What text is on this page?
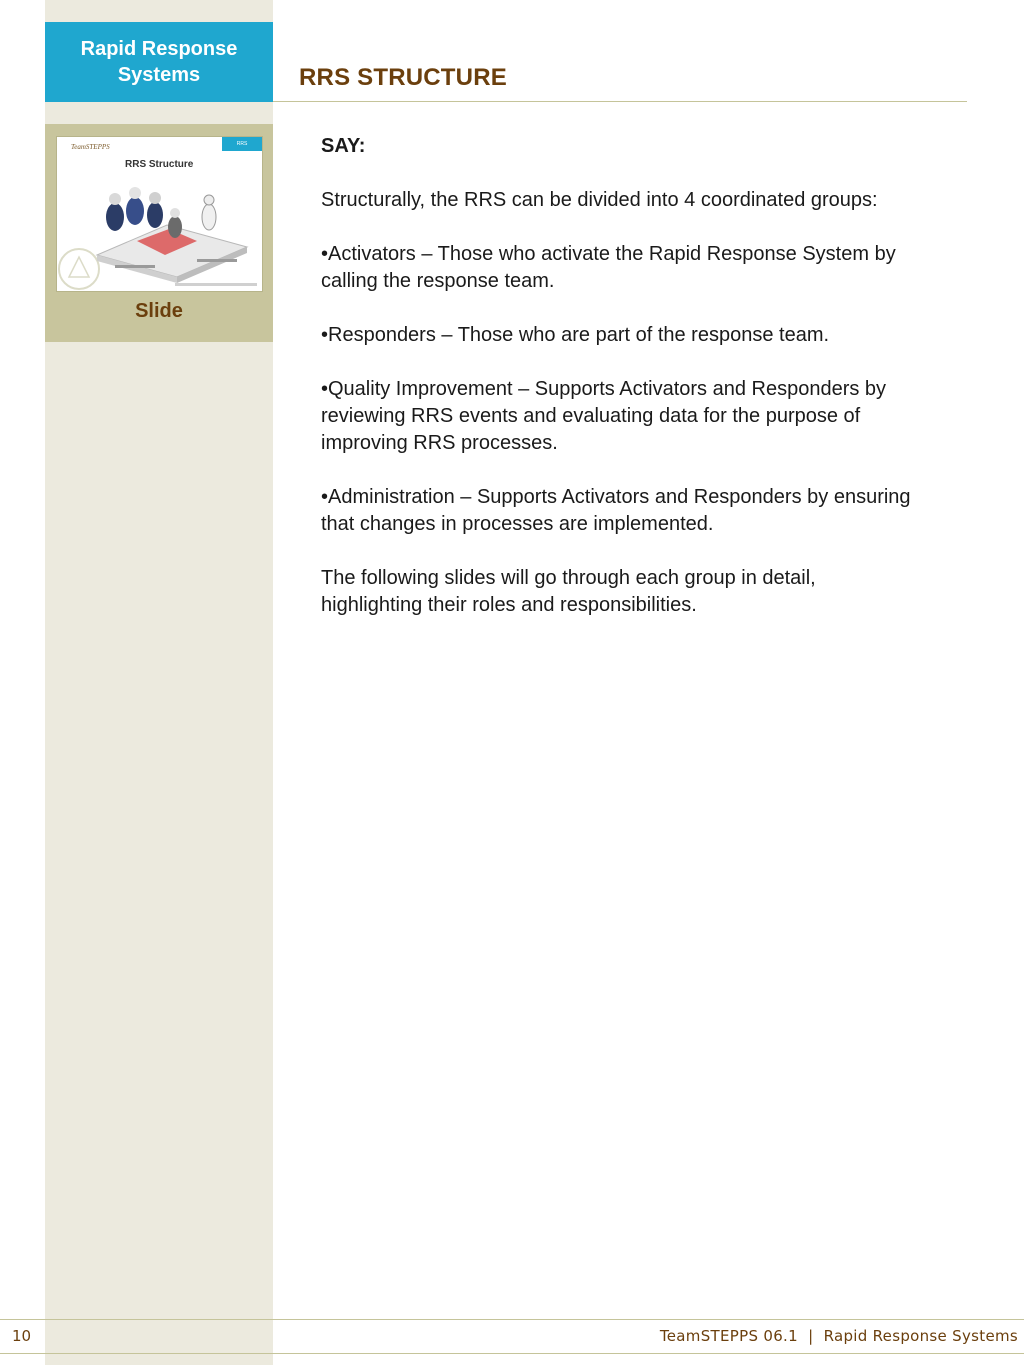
Rapid Response
Systems	RRS STRUCTURE
RRS
TeamSTEPPS
RRS Structure
Slide

SAY:

Structurally, the RRS can be divided into 4 coordinated groups:

•Activators – Those who activate the Rapid Response System by calling the response team.

•Responders – Those who are part of the response team.

•Quality Improvement – Supports Activators and Responders by reviewing RRS events and evaluating data for the purpose of improving RRS processes.

•Administration – Supports Activators and Responders by ensuring that changes in processes are implemented.

The following slides will go through each group in detail, highlighting their roles and responsibilities.

10	TeamSTEPPS 06.1  |  Rapid Response Systems
